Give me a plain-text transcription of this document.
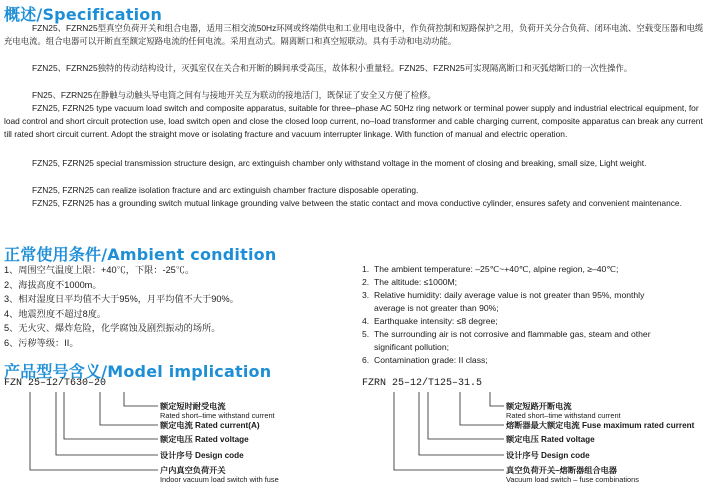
概述/Specification

FZN25、FZRN25型真空负荷开关和组合电器，适用三相交流50Hz环网或终端供电和工业用电设备中，作负荷控制和短路保护之用，负荷开关分合负荷、闭环电流、空载变压器和电缆充电电流。组合电器可以开断直至额定短路电流的任何电流。采用直动式。隔离断口和真空短联动。具有手动和电动功能。

FZN25、FZRN25独特的传动结构设计，灭弧室仅在关合和开断的瞬间承受高压，故体积小重量轻。FZN25、FZRN25可实现隔离断口和灭弧熔断口的一次性操作。

FN25、FZRN25在静触与动触头导电筒之间有与接地开关互为联动的接地活门，既保证了安全又方便了检修。

FZN25, FZRN25 type vacuum load switch and composite apparatus, suitable for three–phase AC 50Hz ring network or terminal power supply and industrial electrical equipment, for load control and short circuit protection use, load switch open and close the closed loop current, no–load transformer and cable charging current, composite apparatus can break any current till rated short circuit current. Adopt the straight move or isolating fracture and vacuum interrupter linkage. With function of manual and electric operation.

FZN25, FZRN25 special transmission structure design, arc extinguish chamber only withstand voltage in the moment of closing and breaking, small size, Light weight.

FZN25, FZRN25 can realize isolation fracture and arc extinguish chamber fracture disposable operating.

FZN25, FZRN25 has a grounding switch mutual linkage grounding valve between the static contact and mova conductive cylinder, ensures safety and convenient maintenance.

正常使用条件/Ambient condition
1、周围空气温度上限：+40℃，下限：-25℃。
2、海拔高度不1000m。
3、相对湿度日平均值不大于95%，月平均值不大于90%。
4、地震烈度不超过8度。
5、无火灾、爆炸危险，化学腐蚀及剧烈振动的场所。
6、污秽等级：II。
1. The ambient temperature: –25℃~+40℃, alpine region, ≥–40℃;
2. The altitude: ≤1000M;
3. Relative humidity: daily average value is not greater than 95%, monthly
average is not greater than 90%;
4. Earthquake intensity: ≤8 degree;
5. The surrounding air is not corrosive and flammable gas, steam and other
significant pollution;
6. Contamination grade: II class;
产品型号含义/Model implication
FZN 25–12/T630–20	FZRN 25–12/T125–31.5
额定短时耐受电流
Rated short–time withstand current
额定电流 Rated current(A)
额定电压 Rated voltage
设计序号 Design code
户内真空负荷开关
Indoor vacuum load switch with fuse
额定短路开断电流
Rated short–time withstand current
熔断器最大额定电流 Fuse maximum rated current
额定电压 Rated voltage
设计序号 Design code
真空负荷开关–熔断器组合电器
Vacuum load switch – fuse combinations
